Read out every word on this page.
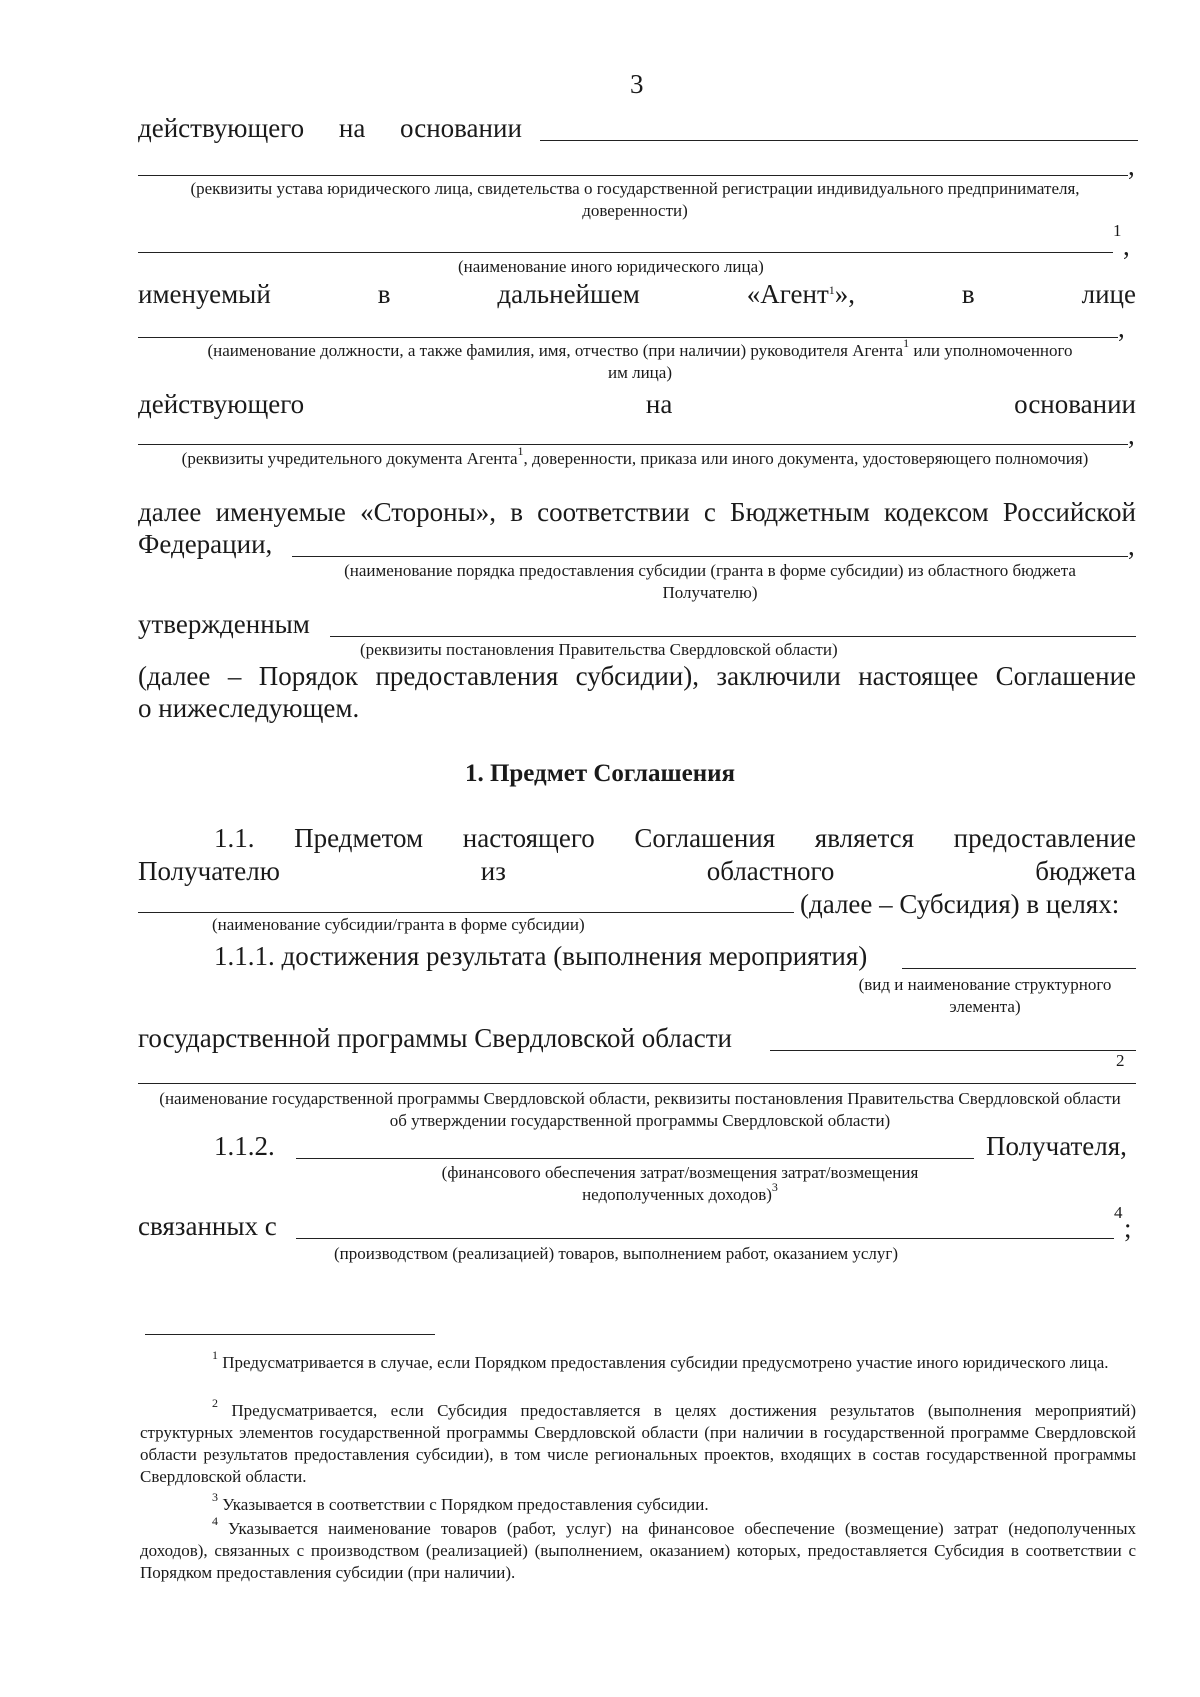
3
действующего на основании
,
(реквизиты устава юридического лица, свидетельства о государственной регистрации индивидуального предпринимателя, доверенности)
1
,
(наименование иного юридического лица)
именуемый	в	дальнейшем	«Агент$^1$»,	в	лице
,
(наименование должности, а также фамилия, имя, отчество (при наличии) руководителя Агента$^1$ или уполномоченного им лица)
действующего	на	основании
,
(реквизиты учредительного документа Агента$^1$, доверенности, приказа или иного документа, удостоверяющего полномочия)
далее именуемые «Стороны», в соответствии с Бюджетным кодексом Российской
Федерации,	,
(наименование порядка предоставления субсидии (гранта в форме субсидии) из областного бюджета Получателю)
утвержденным
(реквизиты постановления Правительства Свердловской области)
(далее – Порядок предоставления субсидии), заключили настоящее Соглашение
о нижеследующем.
1. Предмет Соглашения
1.1. Предметом настоящего Соглашения является предоставление
Получателю	из	областного	бюджета
(далее – Субсидия) в целях:
(наименование субсидии/гранта в форме субсидии)
1.1.1. достижения результата (выполнения мероприятия)
(вид и наименование структурного элемента)
государственной программы Свердловской области
2
(наименование государственной программы Свердловской области, реквизиты постановления Правительства Свердловской области об утверждении государственной программы Свердловской области)
1.1.2.	Получателя,
(финансового обеспечения затрат/возмещения затрат/возмещения недополученных доходов)$^3$
связанных с	4
;
(производством (реализацией) товаров, выполнением работ, оказанием услуг)
$^1$ Предусматривается в случае, если Порядком предоставления субсидии предусмотрено участие иного юридического лица.
$^2$ Предусматривается, если Субсидия предоставляется в целях достижения результатов (выполнения мероприятий) структурных элементов государственной программы Свердловской области (при наличии в государственной программе Свердловской области результатов предоставления субсидии), в том числе региональных проектов, входящих в состав государственной программы Свердловской области.
$^3$ Указывается в соответствии с Порядком предоставления субсидии.
$^4$ Указывается наименование товаров (работ, услуг) на финансовое обеспечение (возмещение) затрат (недополученных доходов), связанных с производством (реализацией) (выполнением, оказанием) которых, предоставляется Субсидия в соответствии с Порядком предоставления субсидии (при наличии).
